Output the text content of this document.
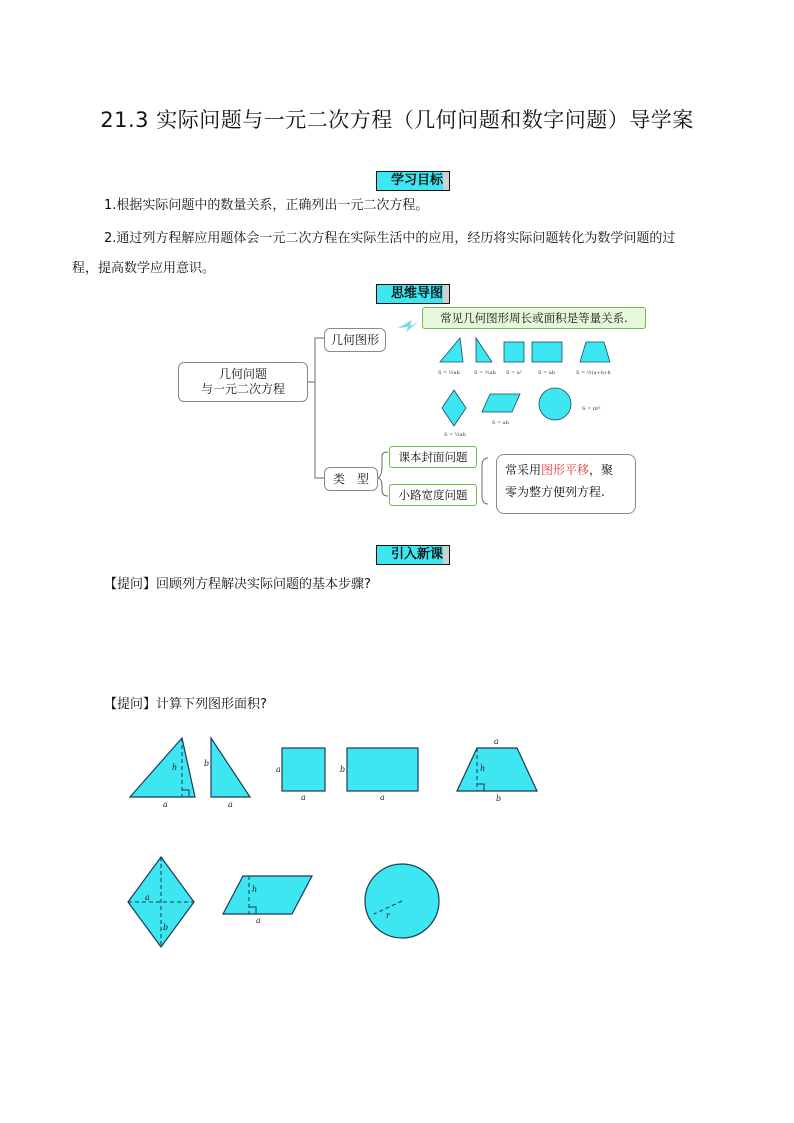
21.3 实际问题与一元二次方程（几何问题和数字问题）导学案
学习目标
1.根据实际问题中的数量关系，正确列出一元二次方程。
2.通过列方程解应用题体会一元二次方程在实际生活中的应用，经历将实际问题转化为数学问题的过
程，提高数学应用意识。
思维导图
几何问题
与一元二次方程
几何图形
常见几何图形周长或面积是等量关系.
类　型
课本封面问题
小路宽度问题
常采用图形平移，聚
零为整方便列方程.
S = ½ah	S = ½ah S = a²	S = ab	S = ½(a+b)·h
S = ½ah
S = ah
S = πr²
引入新课
【提问】回顾列方程解决实际问题的基本步骤?
【提问】计算下列图形面积?
a
h	b
a
a
a
b
a
a
h
b
a
b
h
a
r
